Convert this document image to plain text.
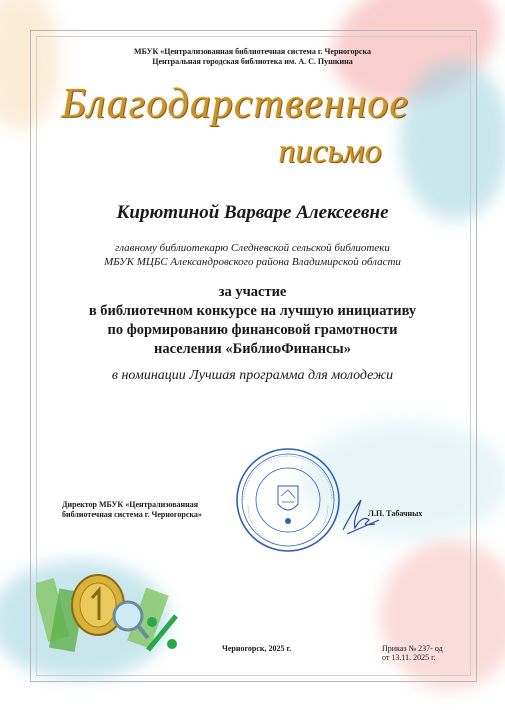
МБУК «Централизованная библиотечная система г. Черногорска
Центральная городская библиотека им. А. С. Пушкина
Благодарственное
письмо
Кирютиной Варваре Алексеевне
главному библиотекарю Следневской сельской библиотеки
МБУК МЦБС Александровского района Владимирской области
за участие
в библиотечном конкурсе на лучшую инициативу
по формированию финансовой грамотности
населения «БиблиоФинансы»
в номинации Лучшая программа для молодежи
Директор МБУК «Централизованная
библиотечная система г. Черногорска»	Л.П. Табачных
Черногорск, 2025 г.	Приказ № 237- од
от 13.11. 2025 г.
